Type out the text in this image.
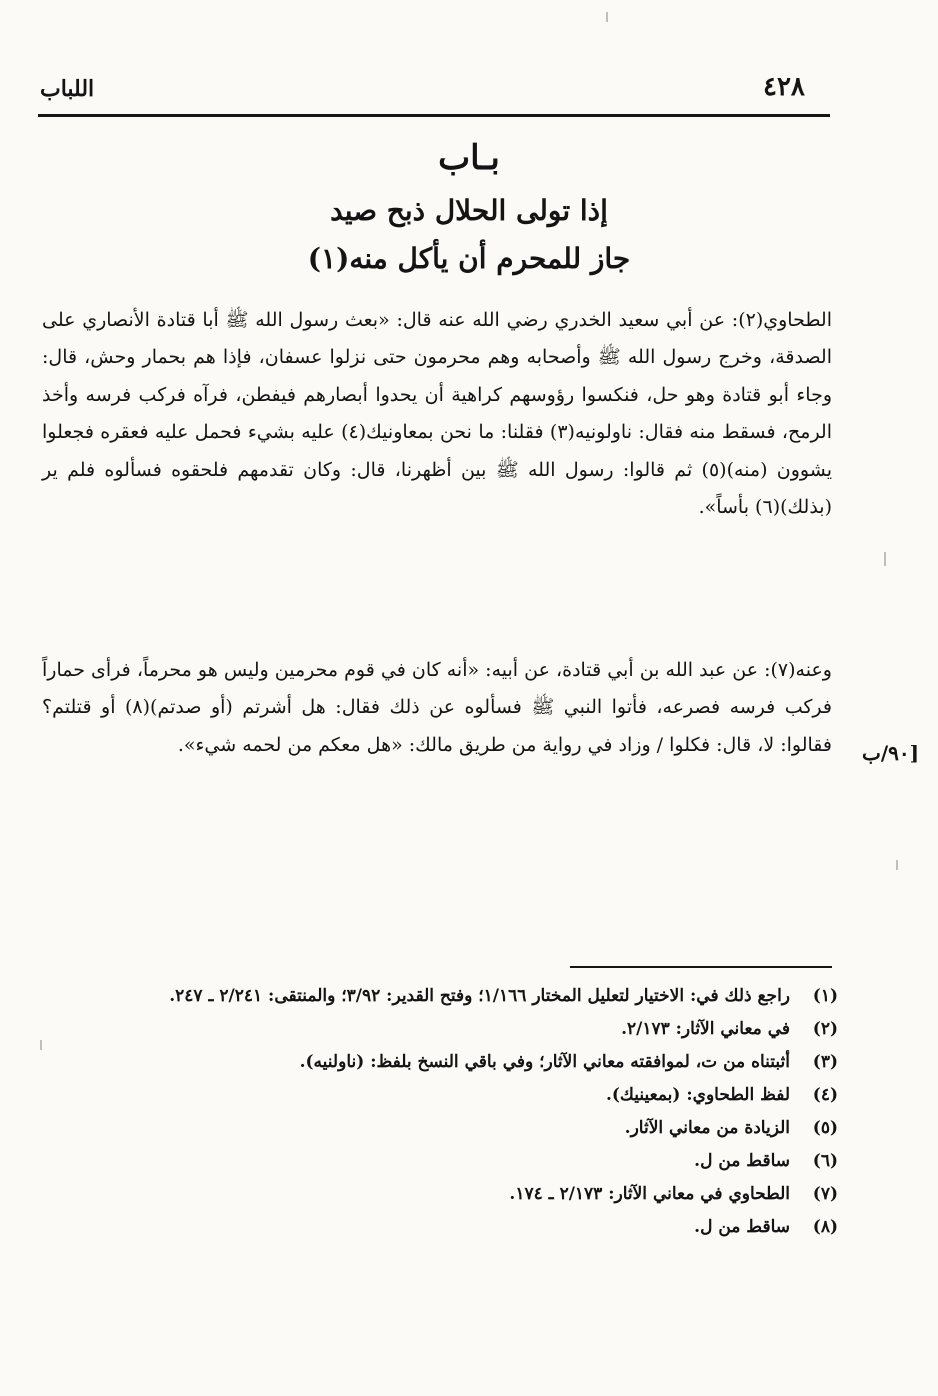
٤٢٨
اللباب
بـاب
إذا تولى الحلال ذبح صيد
جاز للمحرم أن يأكل منه(١)
الطحاوي(٢): عن أبي سعيد الخدري رضي الله عنه قال: «بعث رسول الله ﷺ أبا قتادة الأنصاري على الصدقة، وخرج رسول الله ﷺ وأصحابه وهم محرمون حتى نزلوا عسفان، فإذا هم بحمار وحش، قال: وجاء أبو قتادة وهو حل، فنكسوا رؤوسهم كراهية أن يحدوا أبصارهم فيفطن، فرآه فركب فرسه وأخذ الرمح، فسقط منه فقال: ناولونيه(٣) فقلنا: ما نحن بمعاونيك(٤) عليه بشيء فحمل عليه فعقره فجعلوا يشوون (منه)(٥) ثم قالوا: رسول الله ﷺ بين أظهرنا، قال: وكان تقدمهم فلحقوه فسألوه فلم ير (بذلك)(٦) بأساً».
وعنه(٧): عن عبد الله بن أبي قتادة، عن أبيه: «أنه كان في قوم محرمين وليس هو محرماً، فرأى حماراً فركب فرسه فصرعه، فأتوا النبي ﷺ فسألوه عن ذلك فقال: هل أشرتم (أو صدتم)(٨) أو قتلتم؟ فقالوا: لا، قال: فكلوا / وزاد في رواية من طريق مالك: «هل معكم من لحمه شيء». ٩٠/ب]
(١)
راجع ذلك في: الاختيار لتعليل المختار ١/١٦٦؛ وفتح القدير: ٣/٩٢؛ والمنتقى: ٢/٢٤١ ـ ٢٤٧.
(٢)
في معاني الآثار: ٢/١٧٣.
(٣)
أثبتناه من ت، لموافقته معاني الآثار؛ وفي باقي النسخ بلفظ: (ناولنيه).
(٤)
لفظ الطحاوي: (بمعينيك).
(٥)
الزيادة من معاني الآثار.
(٦)
ساقط من ل.
(٧)
الطحاوي في معاني الآثار: ٢/١٧٣ ـ ١٧٤.
(٨)
ساقط من ل.
